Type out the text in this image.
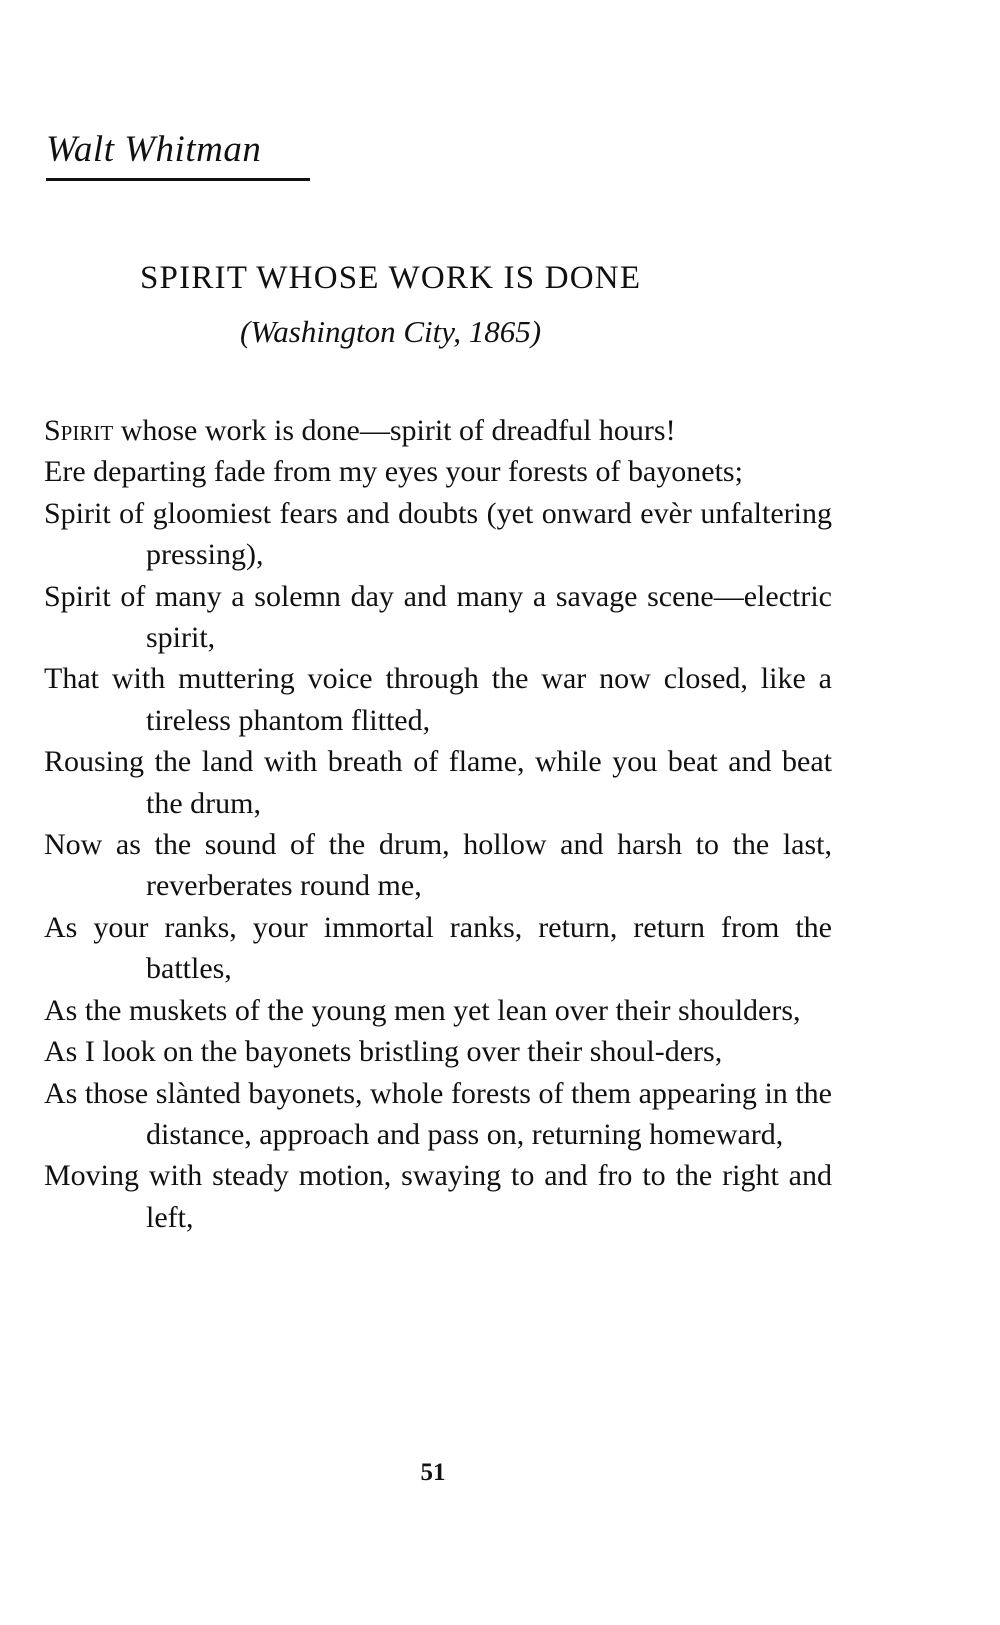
Walt Whitman
SPIRIT WHOSE WORK IS DONE
(Washington City, 1865)
Spirit whose work is done—spirit of dreadful hours!
Ere departing fade from my eyes your forests of bayonets;
Spirit of gloomiest fears and doubts (yet onward evèr unfaltering pressing),
Spirit of many a solemn day and many a savage scene—electric spirit,
That with muttering voice through the war now closed, like a tireless phantom flitted,
Rousing the land with breath of flame, while you beat and beat the drum,
Now as the sound of the drum, hollow and harsh to the last, reverberates round me,
As your ranks, your immortal ranks, return, return from the battles,
As the muskets of the young men yet lean over their shoulders,
As I look on the bayonets bristling over their shoul-ders,
As those slànted bayonets, whole forests of them appearing in the distance, approach and pass on, returning homeward,
Moving with steady motion, swaying to and fro to the right and left,
51
